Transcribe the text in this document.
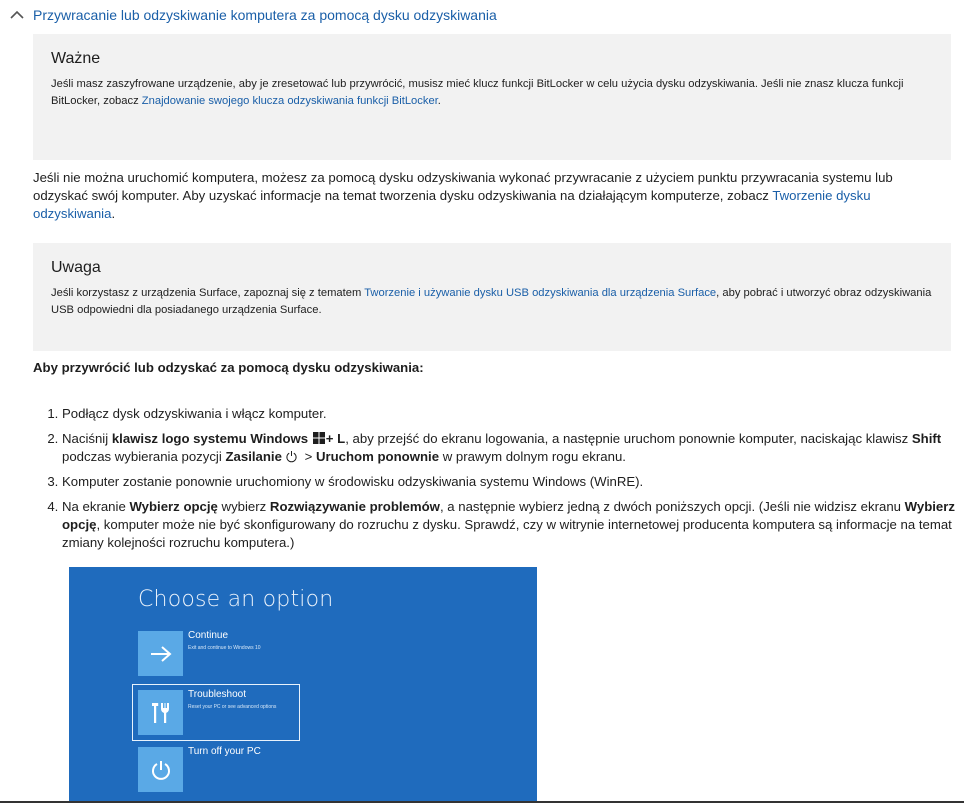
Przywracanie lub odzyskiwanie komputera za pomocą dysku odzyskiwania
Ważne
Jeśli masz zaszyfrowane urządzenie, aby je zresetować lub przywrócić, musisz mieć klucz funkcji BitLocker w celu użycia dysku odzyskiwania. Jeśli nie znasz klucza funkcji BitLocker, zobacz Znajdowanie swojego klucza odzyskiwania funkcji BitLocker.
Jeśli nie można uruchomić komputera, możesz za pomocą dysku odzyskiwania wykonać przywracanie z użyciem punktu przywracania systemu lub odzyskać swój komputer. Aby uzyskać informacje na temat tworzenia dysku odzyskiwania na działającym komputerze, zobacz Tworzenie dysku odzyskiwania.
Uwaga
Jeśli korzystasz z urządzenia Surface, zapoznaj się z tematem Tworzenie i używanie dysku USB odzyskiwania dla urządzenia Surface, aby pobrać i utworzyć obraz odzyskiwania USB odpowiedni dla posiadanego urządzenia Surface.
Aby przywrócić lub odzyskać za pomocą dysku odzyskiwania:
1. Podłącz dysk odzyskiwania i włącz komputer.
2. Naciśnij klawisz logo systemu Windows + L, aby przejść do ekranu logowania, a następnie uruchom ponownie komputer, naciskając klawisz Shift podczas wybierania pozycji Zasilanie > Uruchom ponownie w prawym dolnym rogu ekranu.
3. Komputer zostanie ponownie uruchomiony w środowisku odzyskiwania systemu Windows (WinRE).
4. Na ekranie Wybierz opcję wybierz Rozwiązywanie problemów, a następnie wybierz jedną z dwóch poniższych opcji. (Jeśli nie widzisz ekranu Wybierz opcję, komputer może nie być skonfigurowany do rozruchu z dysku. Sprawdź, czy w witrynie internetowej producenta komputera są informacje na temat zmiany kolejności rozruchu komputera.)
Choose an option
Continue
Exit and continue to Windows 10
Troubleshoot
Reset your PC or see advanced options
Turn off your PC
